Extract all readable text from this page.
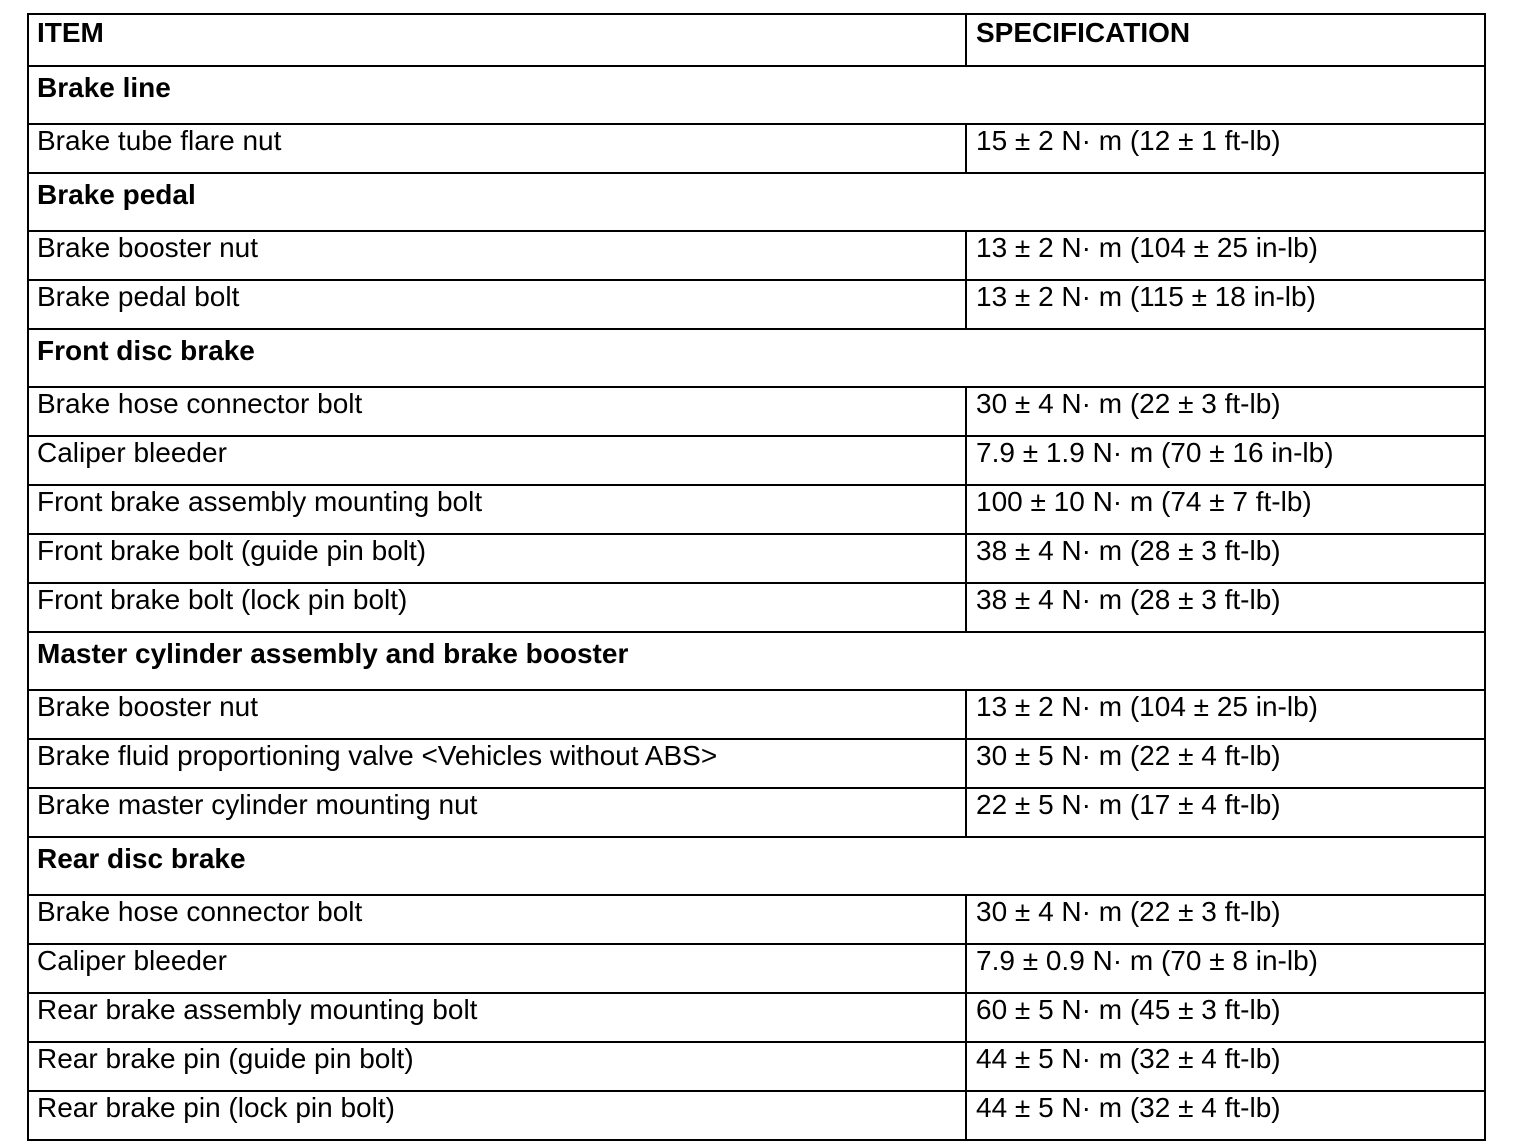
ITEM	SPECIFICATION
Brake line	
Brake tube flare nut	15 ± 2 N· m (12 ± 1 ft-lb)
Brake pedal	
Brake booster nut	13 ± 2 N· m (104 ± 25 in-lb)
Brake pedal bolt	13 ± 2 N· m (115 ± 18 in-lb)
Front disc brake	
Brake hose connector bolt	30 ± 4 N· m (22 ± 3 ft-lb)
Caliper bleeder	7.9 ± 1.9 N· m (70 ± 16 in-lb)
Front brake assembly mounting bolt	100 ± 10 N· m (74 ± 7 ft-lb)
Front brake bolt (guide pin bolt)	38 ± 4 N· m (28 ± 3 ft-lb)
Front brake bolt (lock pin bolt)	38 ± 4 N· m (28 ± 3 ft-lb)
Master cylinder assembly and brake booster	
Brake booster nut	13 ± 2 N· m (104 ± 25 in-lb)
Brake fluid proportioning valve <Vehicles without ABS>	30 ± 5 N· m (22 ± 4 ft-lb)
Brake master cylinder mounting nut	22 ± 5 N· m (17 ± 4 ft-lb)
Rear disc brake	
Brake hose connector bolt	30 ± 4 N· m (22 ± 3 ft-lb)
Caliper bleeder	7.9 ± 0.9 N· m (70 ± 8 in-lb)
Rear brake assembly mounting bolt	60 ± 5 N· m (45 ± 3 ft-lb)
Rear brake pin (guide pin bolt)	44 ± 5 N· m (32 ± 4 ft-lb)
Rear brake pin (lock pin bolt)	44 ± 5 N· m (32 ± 4 ft-lb)
